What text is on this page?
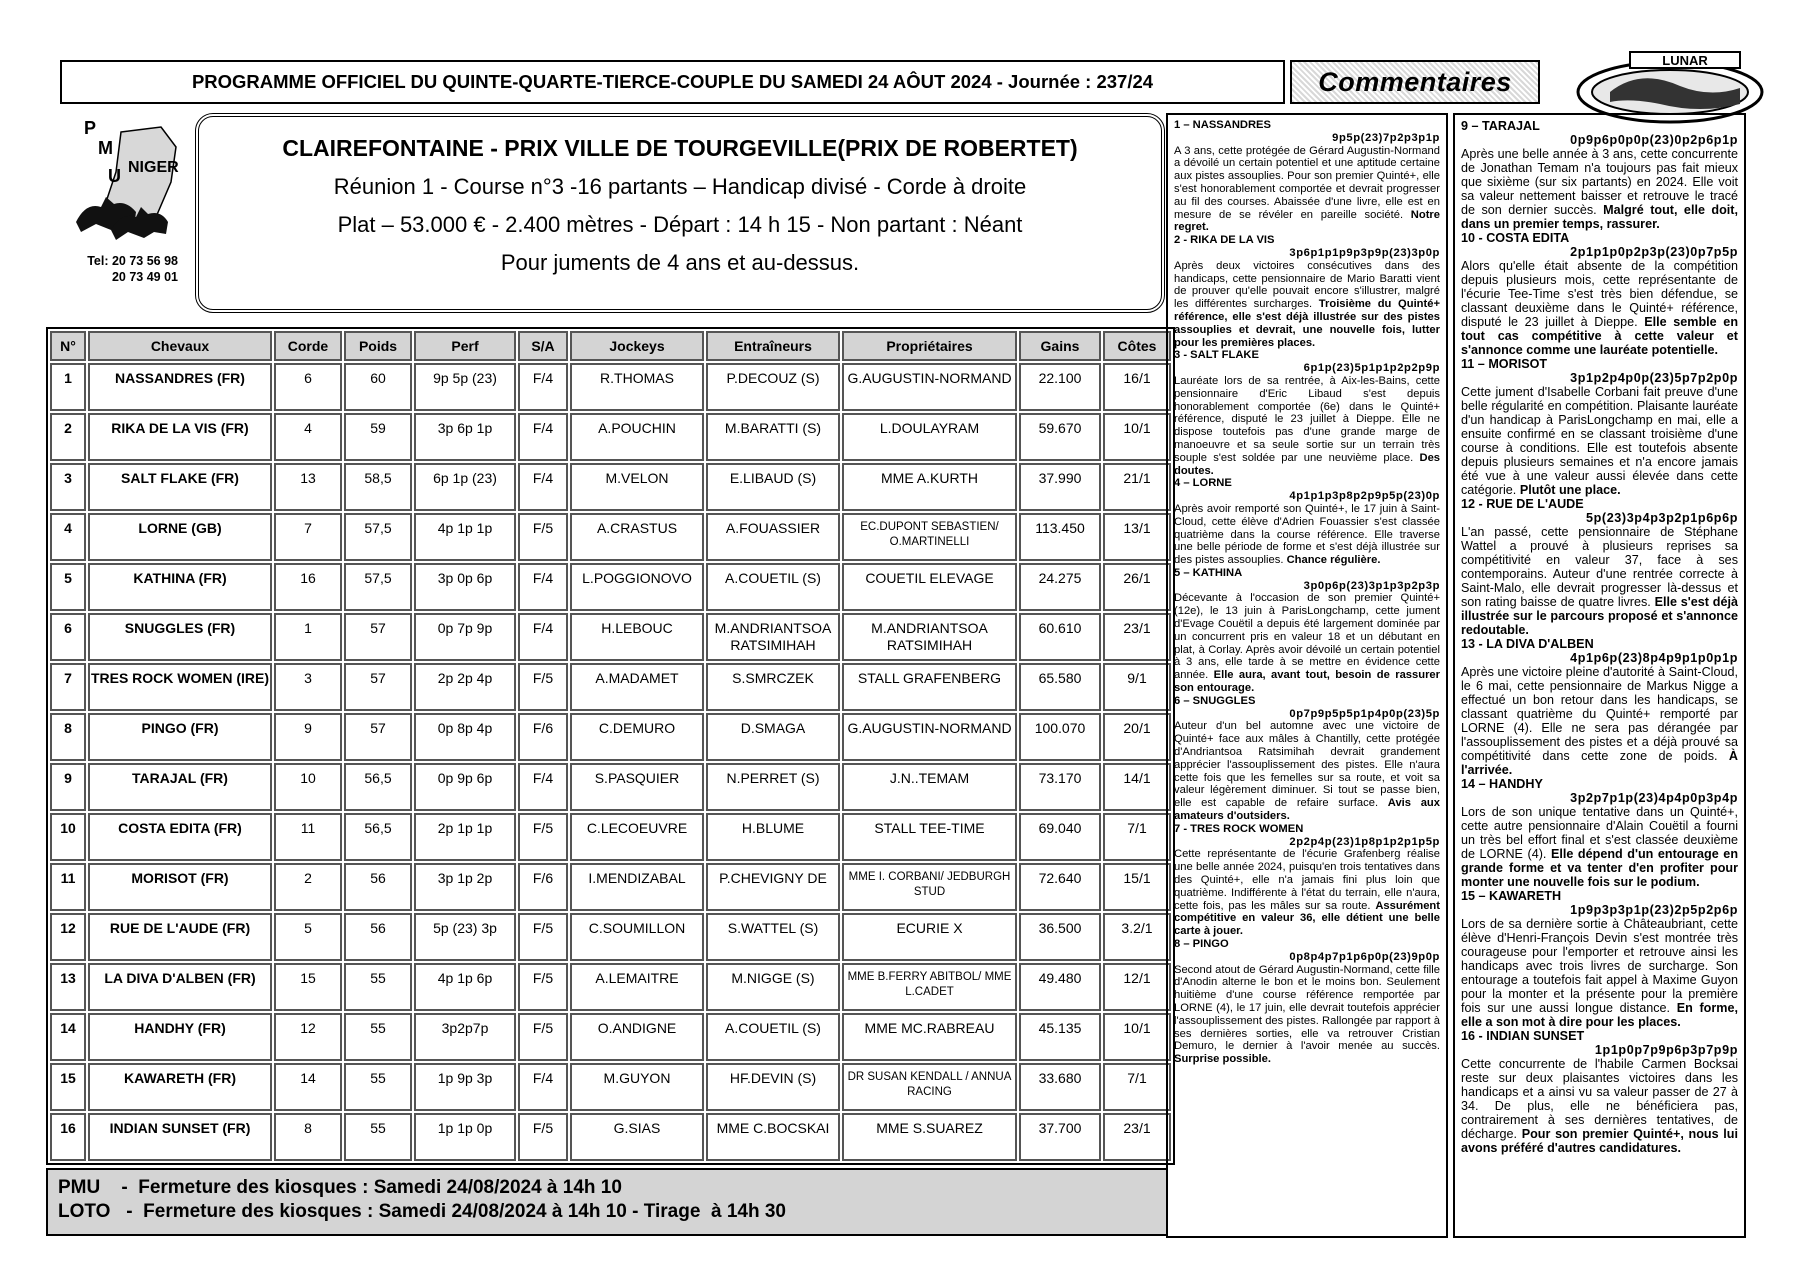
PROGRAMME OFFICIEL DU QUINTE-QUARTE-TIERCE-COUPLE DU SAMEDI 24 AÔUT 2024 - Journée : 237/24	Commentaires
LUNAR
P
M
U NIGER
Tel: 20 73 56 98
20 73 49 01
CLAIREFONTAINE - PRIX VILLE DE TOURGEVILLE(PRIX DE ROBERTET)
Réunion 1 - Course n°3 -16 partants – Handicap divisé - Corde à droite
Plat – 53.000 € - 2.400 mètres - Départ : 14 h 15 - Non partant : Néant
Pour juments de 4 ans et au-dessus.
N°	Chevaux	Corde	Poids	Perf	S/A	Jockeys	Entraîneurs	Propriétaires	Gains	Côtes
1	NASSANDRES (FR)	6	60	9p 5p (23)	F/4	R.THOMAS	P.DECOUZ (S)	G.AUGUSTIN-NORMAND	22.100	16/1
2	RIKA DE LA VIS (FR)	4	59	3p 6p 1p	F/4	A.POUCHIN	M.BARATTI (S)	L.DOULAYRAM	59.670	10/1
3	SALT FLAKE (FR)	13	58,5	6p 1p (23)	F/4	M.VELON	E.LIBAUD (S)	MME A.KURTH	37.990	21/1
4	LORNE (GB)	7	57,5	4p 1p 1p	F/5	A.CRASTUS	A.FOUASSIER	EC.DUPONT SEBASTIEN/ O.MARTINELLI	113.450	13/1
5	KATHINA (FR)	16	57,5	3p 0p 6p	F/4	L.POGGIONOVO	A.COUETIL (S)	COUETIL ELEVAGE	24.275	26/1
6	SNUGGLES (FR)	1	57	0p 7p 9p	F/4	H.LEBOUC	M.ANDRIANTSOA RATSIMIHAH	M.ANDRIANTSOA RATSIMIHAH	60.610	23/1
7	TRES ROCK WOMEN (IRE)	3	57	2p 2p 4p	F/5	A.MADAMET	S.SMRCZEK	STALL GRAFENBERG	65.580	9/1
8	PINGO (FR)	9	57	0p 8p 4p	F/6	C.DEMURO	D.SMAGA	G.AUGUSTIN-NORMAND	100.070	20/1
9	TARAJAL (FR)	10	56,5	0p 9p 6p	F/4	S.PASQUIER	N.PERRET (S)	J.N..TEMAM	73.170	14/1
10	COSTA EDITA (FR)	11	56,5	2p 1p 1p	F/5	C.LECOEUVRE	H.BLUME	STALL TEE-TIME	69.040	7/1
11	MORISOT (FR)	2	56	3p 1p 2p	F/6	I.MENDIZABAL	P.CHEVIGNY DE	MME I. CORBANI/ JEDBURGH STUD	72.640	15/1
12	RUE DE L'AUDE (FR)	5	56	5p (23) 3p	F/5	C.SOUMILLON	S.WATTEL (S)	ECURIE X	36.500	3.2/1
13	LA DIVA D'ALBEN (FR)	15	55	4p 1p 6p	F/5	A.LEMAITRE	M.NIGGE (S)	MME B.FERRY ABITBOL/ MME L.CADET	49.480	12/1
14	HANDHY (FR)	12	55	3p2p7p	F/5	O.ANDIGNE	A.COUETIL (S)	MME MC.RABREAU	45.135	10/1
15	KAWARETH (FR)	14	55	1p 9p 3p	F/4	M.GUYON	HF.DEVIN (S)	DR SUSAN KENDALL / ANNUA RACING	33.680	7/1
16	INDIAN SUNSET (FR)	8	55	1p 1p 0p	F/5	G.SIAS	MME C.BOCSKAI	MME S.SUAREZ	37.700	23/1
PMU    -  Fermeture des kiosques : Samedi 24/08/2024 à 14h 10
LOTO   -  Fermeture des kiosques : Samedi 24/08/2024 à 14h 10 - Tirage  à 14h 30
1 – NASSANDRES
9p5p(23)7p2p3p1p
A 3 ans, cette protégée de Gérard Augustin-Normand a dévoilé un certain potentiel et une aptitude certaine aux pistes assouplies. Pour son premier Quinté+, elle s'est honorablement comportée et devrait progresser au fil des courses. Abaissée d'une livre, elle est en mesure de se révéler en pareille société. Notre regret.
2 - RIKA DE LA VIS
3p6p1p1p9p3p9p(23)3p0p
Après deux victoires consécutives dans des handicaps, cette pensionnaire de Mario Baratti vient de prouver qu'elle pouvait encore s'illustrer, malgré les différentes surcharges. Troisième du Quinté+ référence, elle s'est déjà illustrée sur des pistes assouplies et devrait, une nouvelle fois, lutter pour les premières places.
3 - SALT FLAKE
6p1p(23)5p1p1p2p2p9p
Lauréate lors de sa rentrée, à Aix-les-Bains, cette pensionnaire d'Eric Libaud s'est depuis honorablement comportée (6e) dans le Quinté+ référence, disputé le 23 juillet à Dieppe. Elle ne dispose toutefois pas d'une grande marge de manoeuvre et sa seule sortie sur un terrain très souple s'est soldée par une neuvième place. Des doutes.
4 – LORNE
4p1p1p3p8p2p9p5p(23)0p
Après avoir remporté son Quinté+, le 17 juin à Saint-Cloud, cette élève d'Adrien Fouassier s'est classée quatrième dans la course référence. Elle traverse une belle période de forme et s'est déjà illustrée sur des pistes assouplies. Chance régulière.
5 – KATHINA
3p0p6p(23)3p1p3p2p3p
Décevante à l'occasion de son premier Quinté+ (12e), le 13 juin à ParisLongchamp, cette jument d'Evage Couëtil a depuis été largement dominée par un concurrent pris en valeur 18 et un débutant en plat, à Corlay. Après avoir dévoilé un certain potentiel à 3 ans, elle tarde à se mettre en évidence cette année. Elle aura, avant tout, besoin de rassurer son entourage.
6 – SNUGGLES
0p7p9p5p5p1p4p0p(23)5p
Auteur d'un bel automne avec une victoire de Quinté+ face aux mâles à Chantilly, cette protégée d'Andriantsoa Ratsimihah devrait grandement apprécier l'assouplissement des pistes. Elle n'aura cette fois que les femelles sur sa route, et voit sa valeur légèrement diminuer. Si tout se passe bien, elle est capable de refaire surface. Avis aux amateurs d'outsiders.
7 - TRES ROCK WOMEN
2p2p4p(23)1p8p1p2p1p5p
Cette représentante de l'écurie Grafenberg réalise une belle année 2024, puisqu'en trois tentatives dans des Quinté+, elle n'a jamais fini plus loin que quatrième. Indifférente à l'état du terrain, elle n'aura, cette fois, pas les mâles sur sa route. Assurément compétitive en valeur 36, elle détient une belle carte à jouer.
8 – PINGO
0p8p4p7p1p6p0p(23)9p0p
Second atout de Gérard Augustin-Normand, cette fille d'Anodin alterne le bon et le moins bon. Seulement huitième d'une course référence remportée par LORNE (4), le 17 juin, elle devrait toutefois apprécier l'assouplissement des pistes. Rallongée par rapport à ses dernières sorties, elle va retrouver Cristian Demuro, le dernier à l'avoir menée au succès. Surprise possible.
9 – TARAJAL
0p9p6p0p0p(23)0p2p6p1p
Après une belle année à 3 ans, cette concurrente de Jonathan Temam n'a toujours pas fait mieux que sixième (sur six partants) en 2024. Elle voit sa valeur nettement baisser et retrouve le tracé de son dernier succès. Malgré tout, elle doit, dans un premier temps, rassurer.
10 - COSTA EDITA
2p1p1p0p2p3p(23)0p7p5p
Alors qu'elle était absente de la compétition depuis plusieurs mois, cette représentante de l'écurie Tee-Time s'est très bien défendue, se classant deuxième dans le Quinté+ référence, disputé le 23 juillet à Dieppe. Elle semble en tout cas compétitive à cette valeur et s'annonce comme une lauréate potentielle.
11 – MORISOT
3p1p2p4p0p(23)5p7p2p0p
Cette jument d'Isabelle Corbani fait preuve d'une belle régularité en compétition. Plaisante lauréate d'un handicap à ParisLongchamp en mai, elle a ensuite confirmé en se classant troisième d'une course à conditions. Elle est toutefois absente depuis plusieurs semaines et n'a encore jamais été vue à une valeur aussi élevée dans cette catégorie. Plutôt une place.
12 - RUE DE L'AUDE
5p(23)3p4p3p2p1p6p6p
L'an passé, cette pensionnaire de Stéphane Wattel a prouvé à plusieurs reprises sa compétitivité en valeur 37, face à ses contemporains. Auteur d'une rentrée correcte à Saint-Malo, elle devrait progresser là-dessus et son rating baisse de quatre livres. Elle s'est déjà illustrée sur le parcours proposé et s'annonce redoutable.
13 - LA DIVA D'ALBEN
4p1p6p(23)8p4p9p1p0p1p
Après une victoire pleine d'autorité à Saint-Cloud, le 6 mai, cette pensionnaire de Markus Nigge a effectué un bon retour dans les handicaps, se classant quatrième du Quinté+ remporté par LORNE (4). Elle ne sera pas dérangée par l'assouplissement des pistes et a déjà prouvé sa compétitivité dans cette zone de poids. À l'arrivée.
14 – HANDHY
3p2p7p1p(23)4p4p0p3p4p
Lors de son unique tentative dans un Quinté+, cette autre pensionnaire d'Alain Couëtil a fourni un très bel effort final et s'est classée deuxième de LORNE (4). Elle dépend d'un entourage en grande forme et va tenter d'en profiter pour monter une nouvelle fois sur le podium.
15 – KAWARETH
1p9p3p3p1p(23)2p5p2p6p
Lors de sa dernière sortie à Châteaubriant, cette élève d'Henri-François Devin s'est montrée très courageuse pour l'emporter et retrouve ainsi les handicaps avec trois livres de surcharge. Son entourage a toutefois fait appel à Maxime Guyon pour la monter et la présente pour la première fois sur une aussi longue distance. En forme, elle a son mot à dire pour les places.
16 - INDIAN SUNSET
1p1p0p7p9p6p3p7p9p
Cette concurrente de l'habile Carmen Bocksai reste sur deux plaisantes victoires dans les handicaps et a ainsi vu sa valeur passer de 27 à 34. De plus, elle ne bénéficiera pas, contrairement à ses dernières tentatives, de décharge. Pour son premier Quinté+, nous lui avons préféré d'autres candidatures.
